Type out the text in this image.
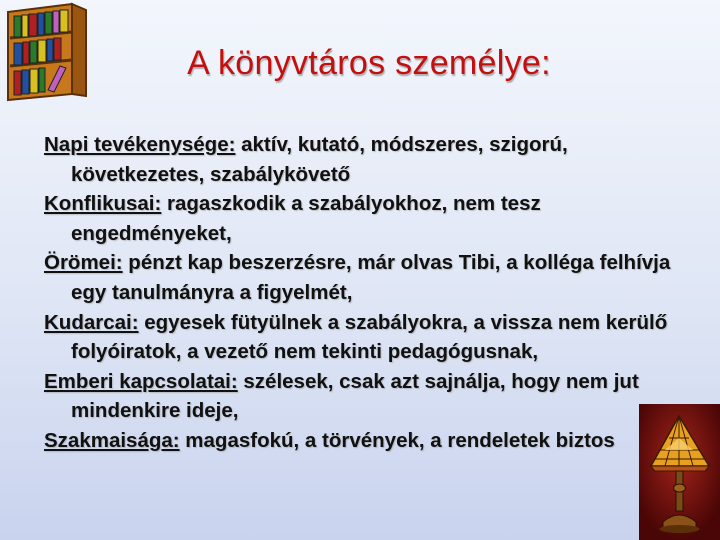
A könyvtáros személye:

Napi tevékenysége: aktív, kutató, módszeres, szigorú, következetes, szabálykövető

Konflikusai: ragaszkodik a szabályokhoz, nem tesz engedményeket,

Örömei: pénzt kap beszerzésre, már olvas Tibi, a kolléga felhívja egy tanulmányra a figyelmét,

Kudarcai: egyesek fütyülnek a szabályokra, a vissza nem kerülő folyóiratok, a vezető nem tekinti pedagógusnak,

Emberi kapcsolatai: szélesek, csak azt sajnálja, hogy nem jut mindenkire ideje,

Szakmaisága: magasfokú, a törvények, a rendeletek biztos
